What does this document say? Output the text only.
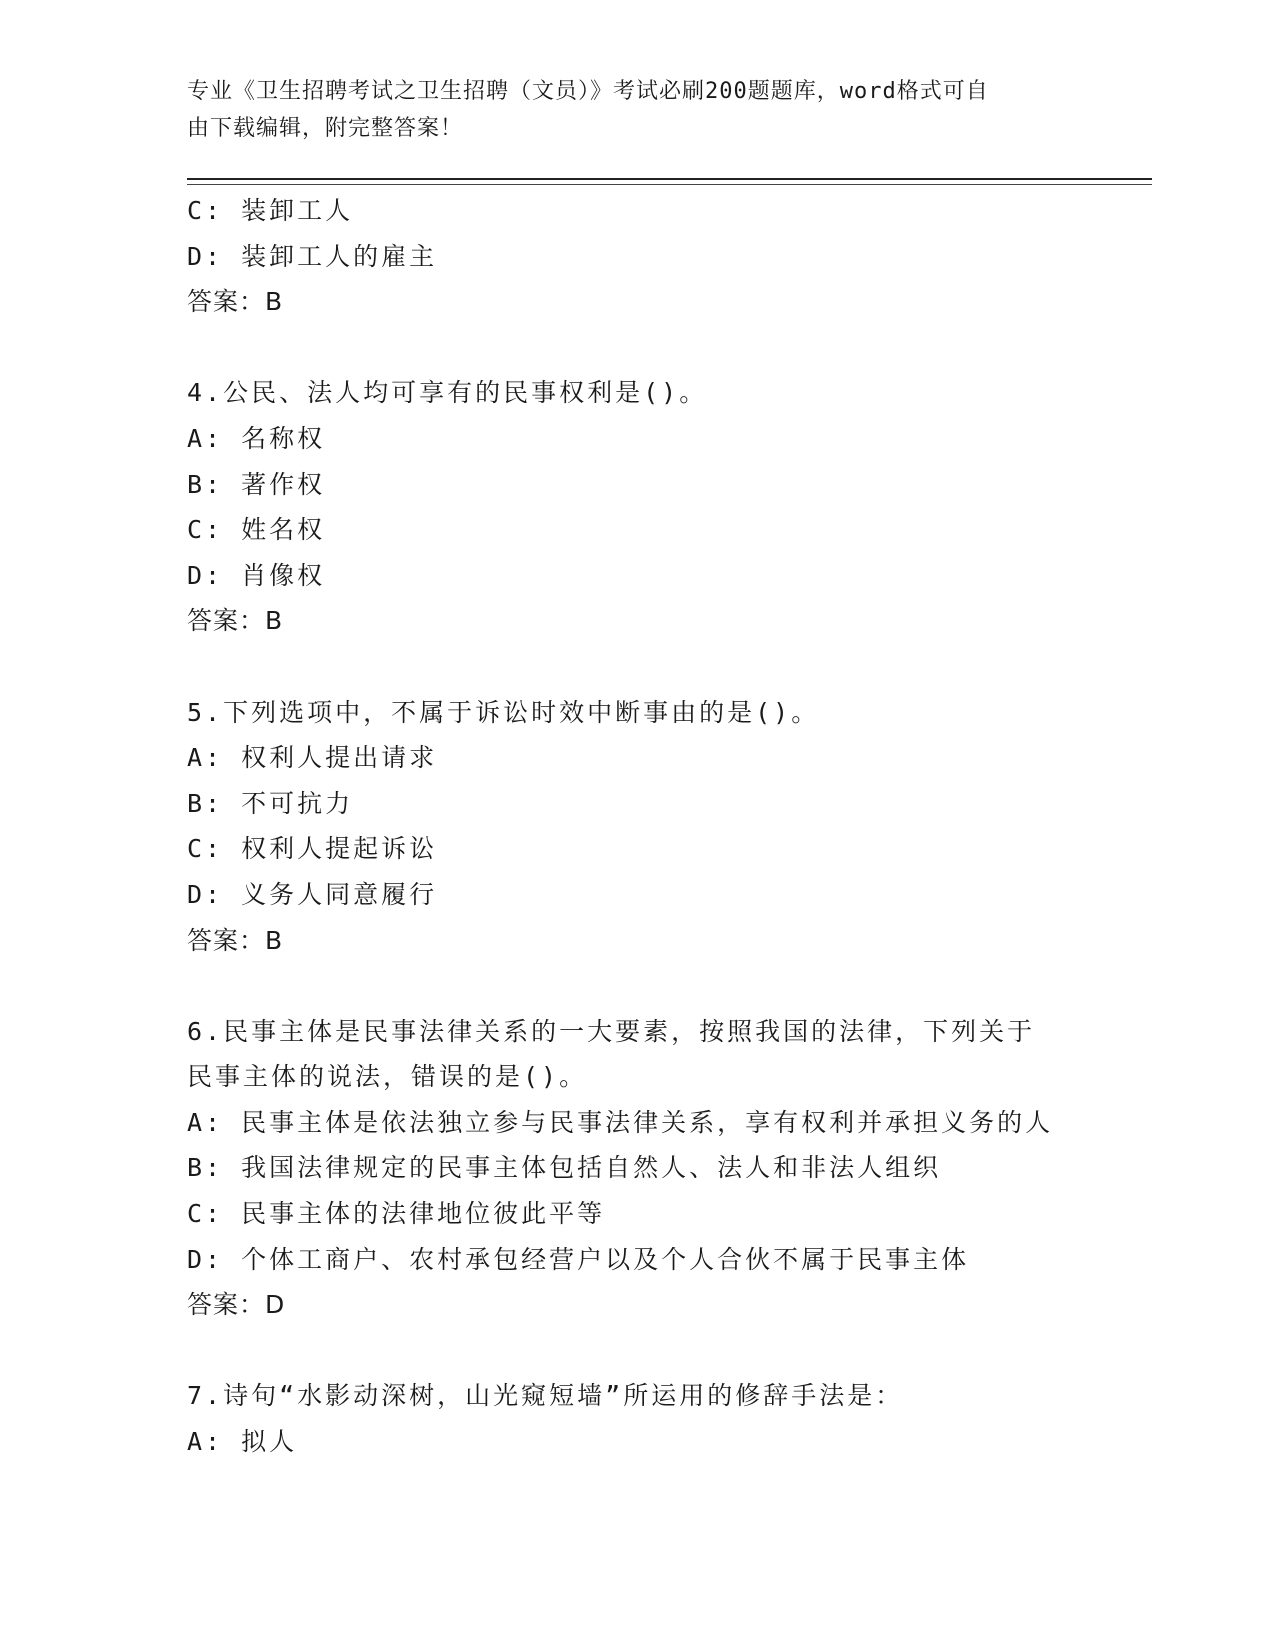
专业《卫生招聘考试之卫生招聘（文员）》考试必刷200题题库，word格式可自
由下载编辑，附完整答案！
C: 装卸工人
D: 装卸工人的雇主
答案：B
4.公民、法人均可享有的民事权利是()。
A: 名称权
B: 著作权
C: 姓名权
D: 肖像权
答案：B
5.下列选项中，不属于诉讼时效中断事由的是()。
A: 权利人提出请求
B: 不可抗力
C: 权利人提起诉讼
D: 义务人同意履行
答案：B
6.民事主体是民事法律关系的一大要素，按照我国的法律，下列关于
民事主体的说法，错误的是()。
A: 民事主体是依法独立参与民事法律关系，享有权利并承担义务的人
B: 我国法律规定的民事主体包括自然人、法人和非法人组织
C: 民事主体的法律地位彼此平等
D: 个体工商户、农村承包经营户以及个人合伙不属于民事主体
答案：D
7.诗句“水影动深树，山光窥短墙”所运用的修辞手法是：
A: 拟人
